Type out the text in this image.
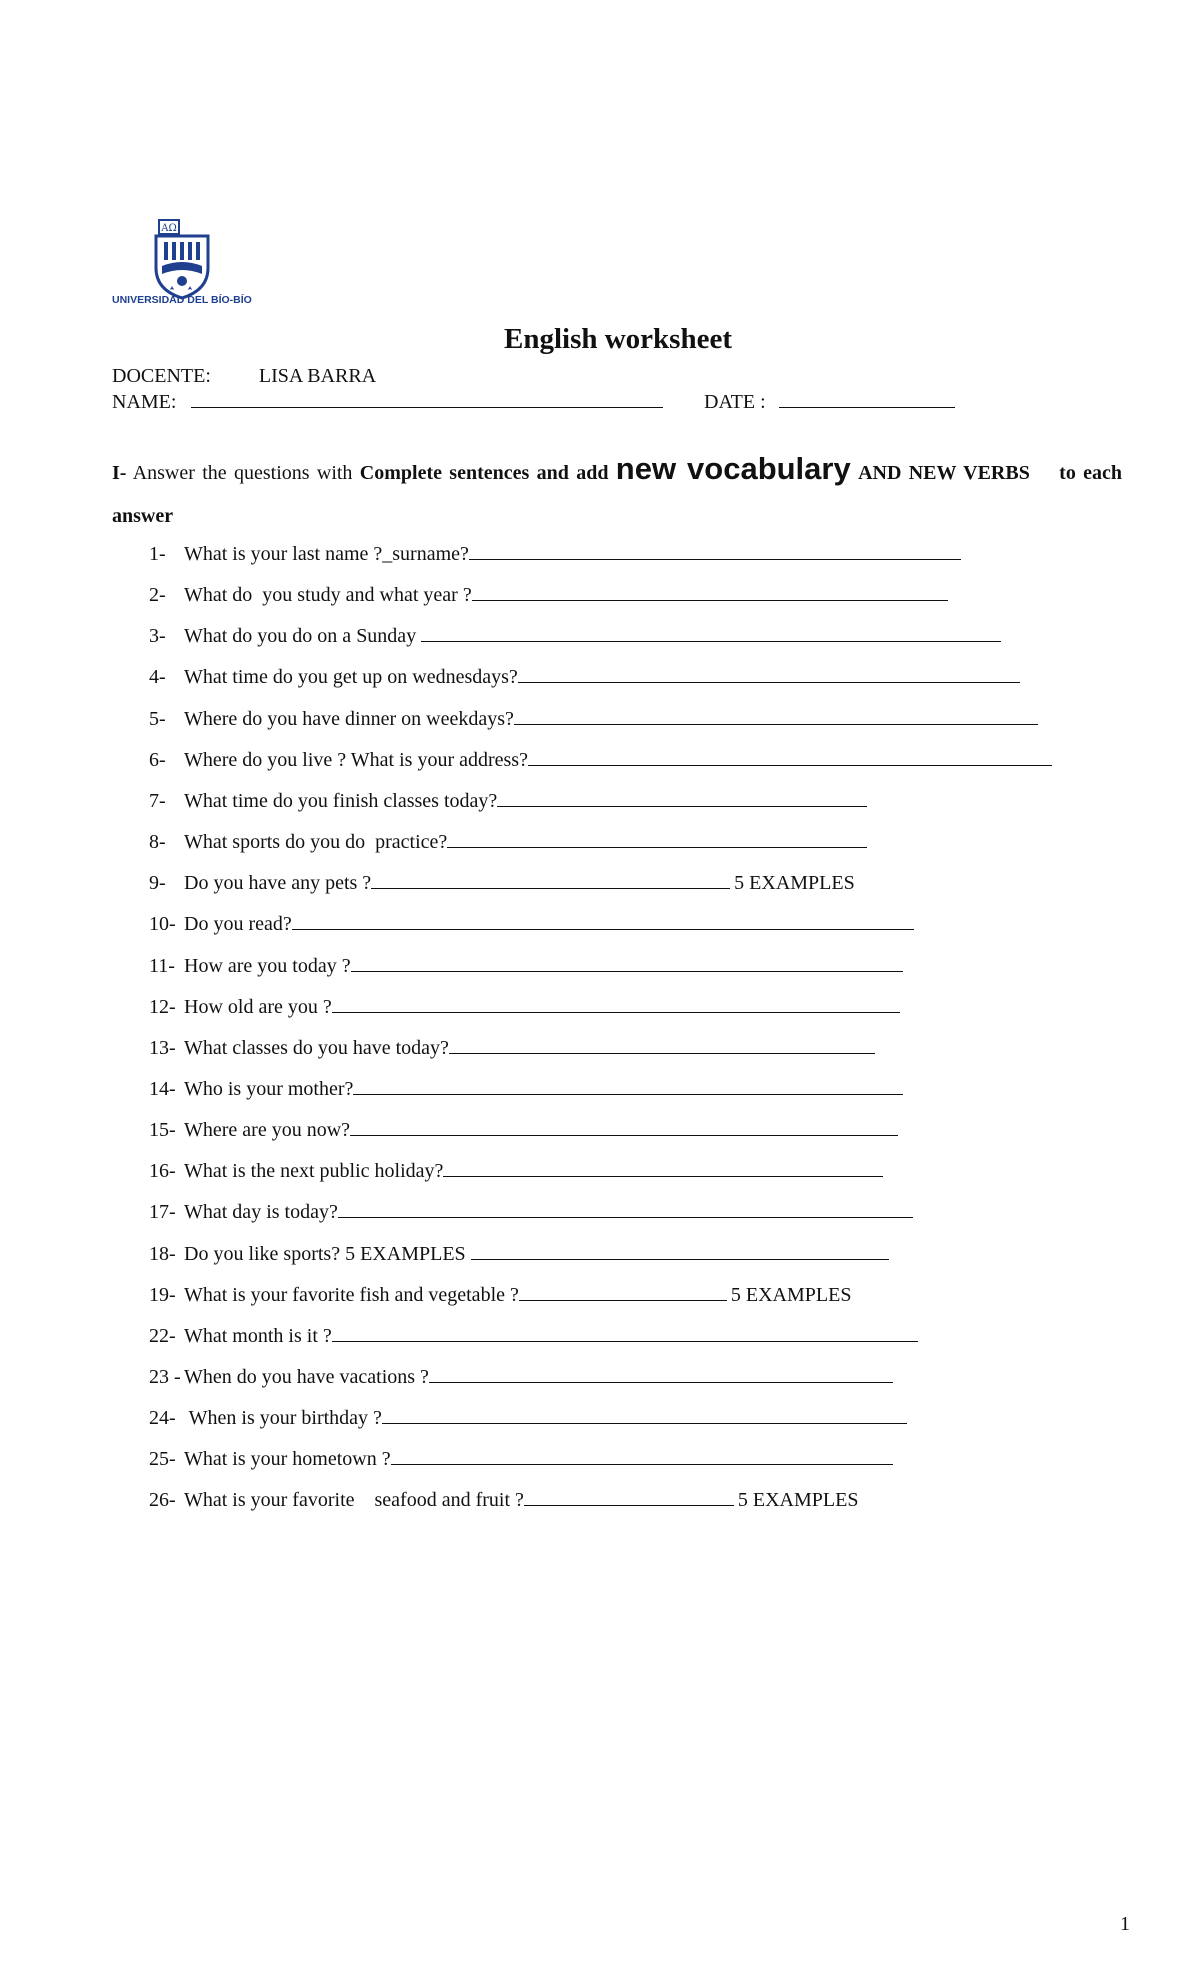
AΩ
UNIVERSIDAD DEL BÍO-BÍO
English worksheet
DOCENTE: LISA BARRA
NAME:	DATE :
I- Answer the questions with Complete sentences and add new vocabulary AND NEW VERBS to each answer
1- What is your last name ?_surname?
2- What do  you study and what year ?
3- What do you do on a Sunday
4- What time do you get up on wednesdays?
5- Where do you have dinner on weekdays?
6- Where do you live ? What is your address?
7- What time do you finish classes today?
8- What sports do you do  practice?
9- Do you have any pets ?	5 EXAMPLES
10- Do you read?
11- How are you today ?
12- How old are you ?
13- What classes do you have today?
14- Who is your mother?
15- Where are you now?
16- What is the next public holiday?
17- What day is today?
18- Do you like sports? 5 EXAMPLES
19- What is your favorite fish and vegetable ?	5 EXAMPLES
22- What month is it ?
23 - When do you have vacations ?
24- When is your birthday ?
25- What is your hometown ?
26- What is your favorite    seafood and fruit ?	5 EXAMPLES
1
